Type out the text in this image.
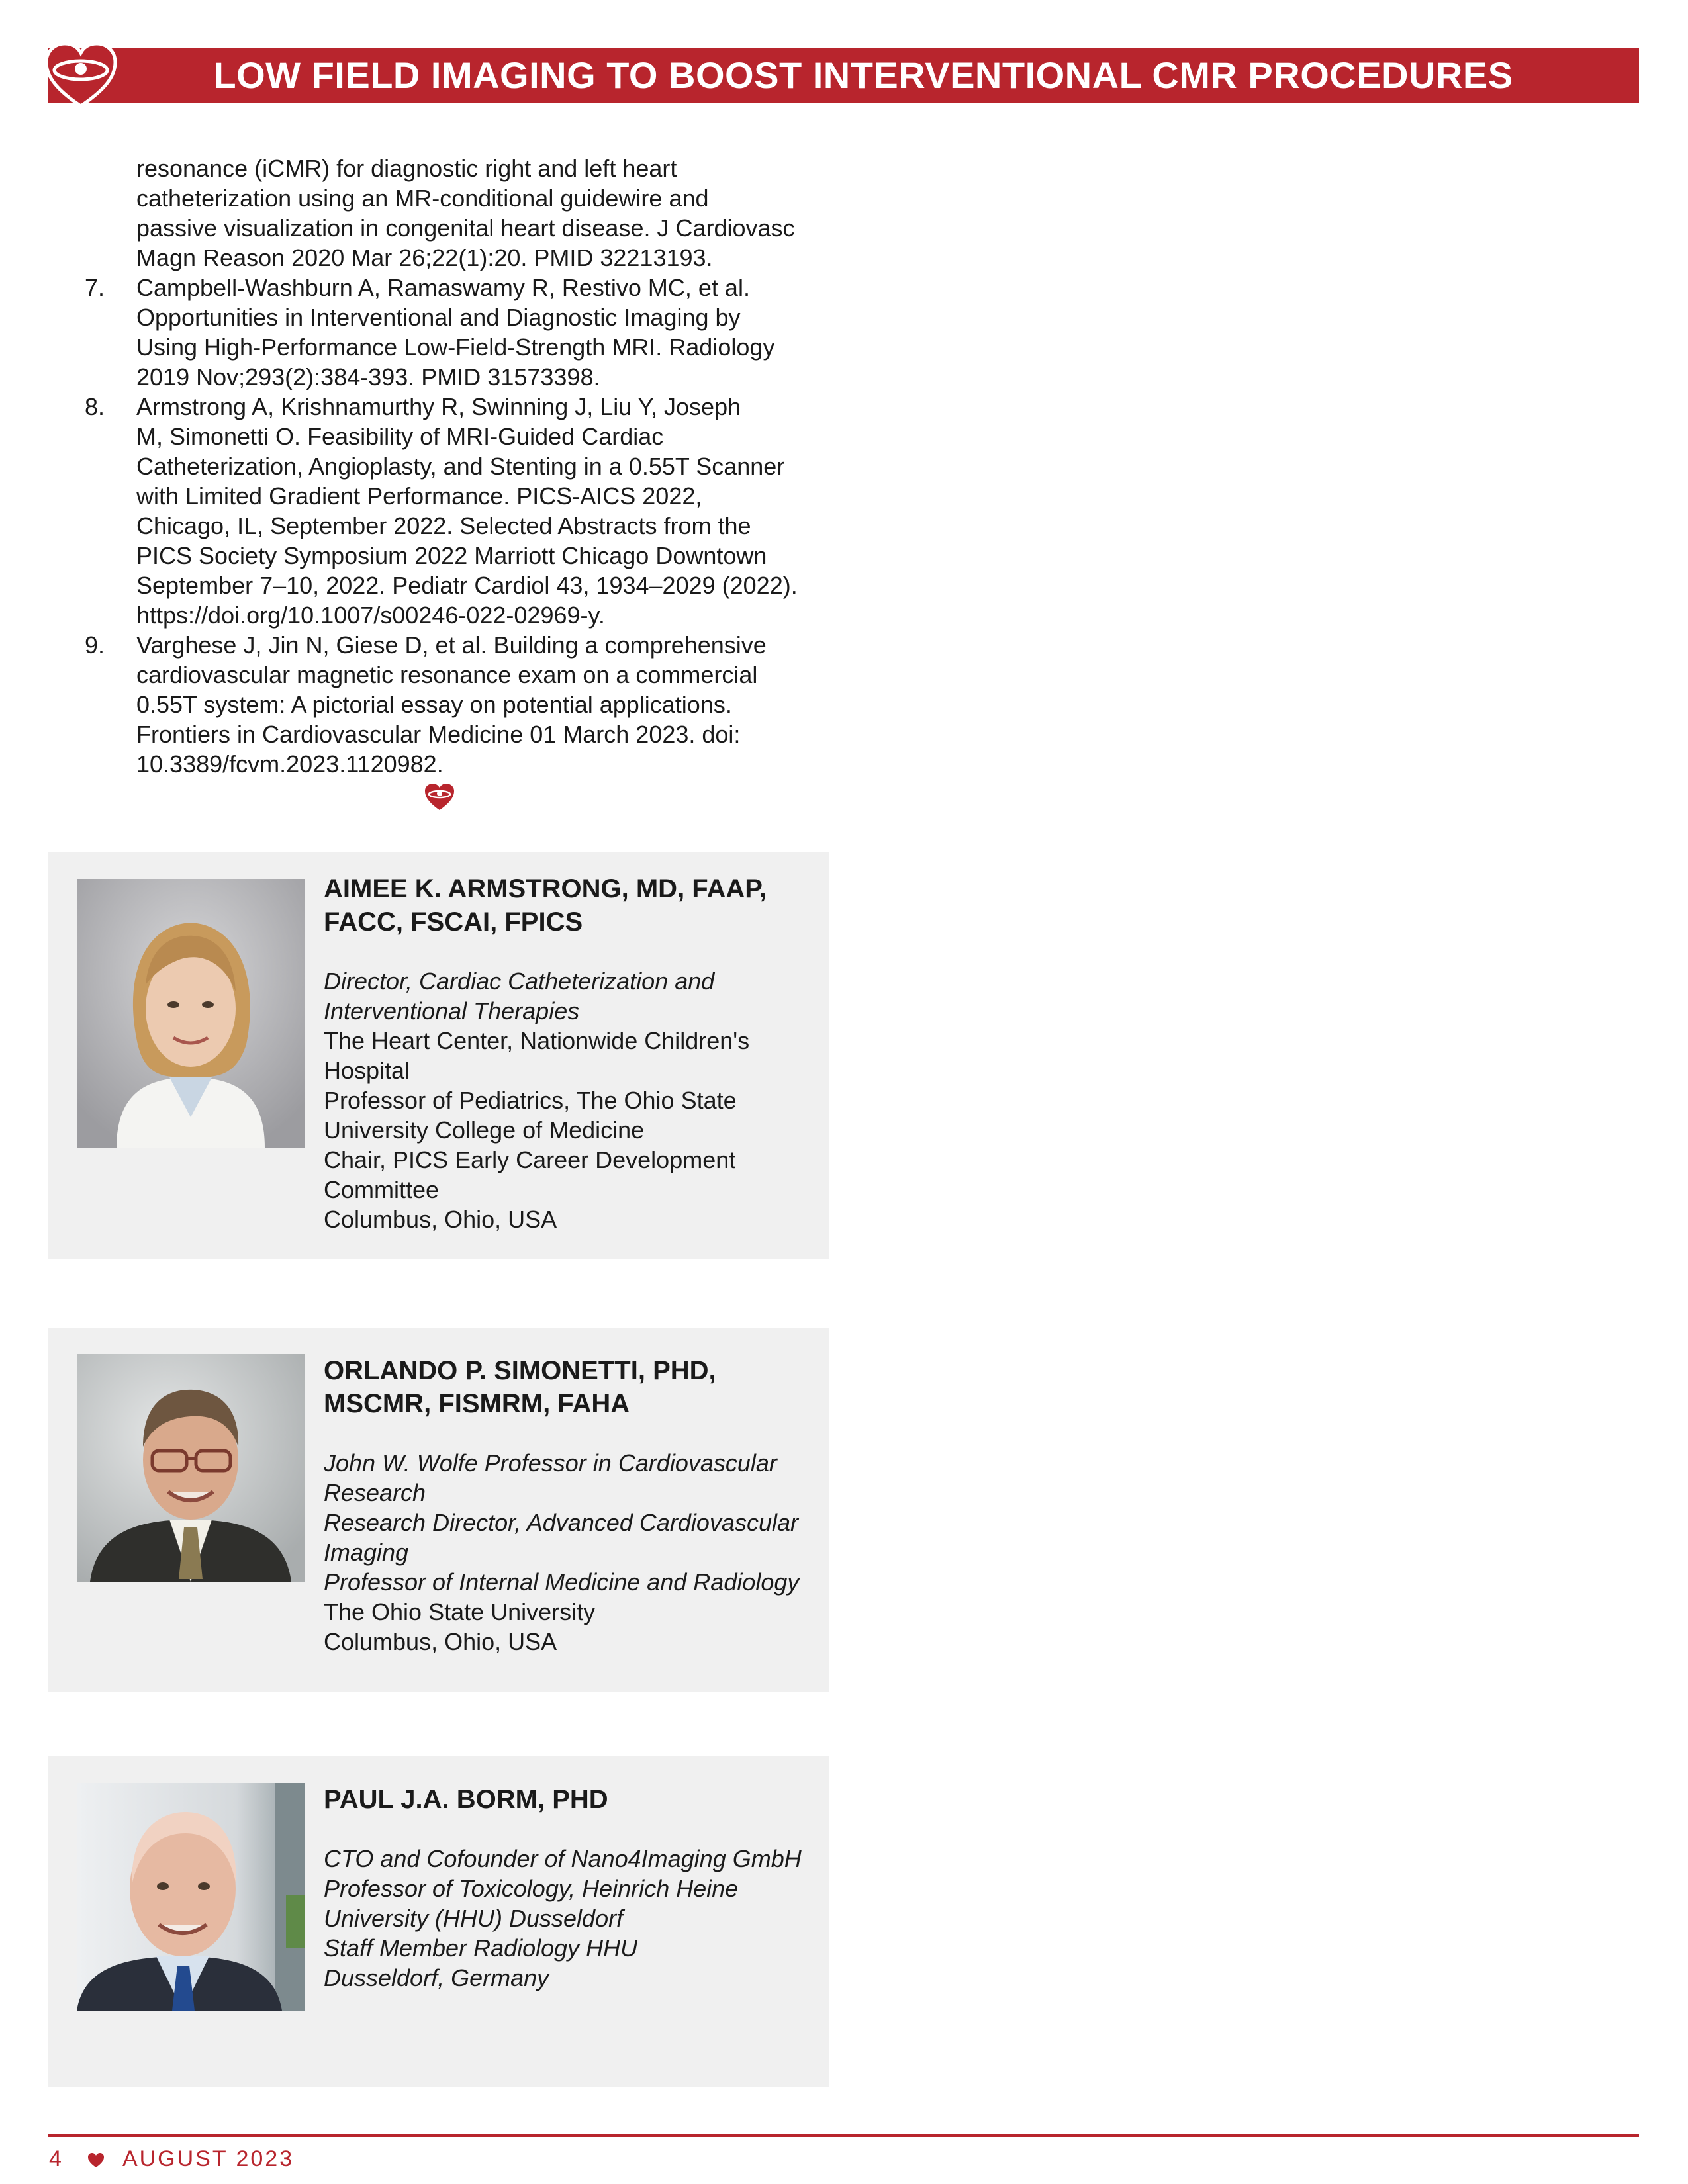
LOW FIELD IMAGING TO BOOST INTERVENTIONAL CMR PROCEDURES
resonance (iCMR) for diagnostic right and left heart
catheterization using an MR-conditional guidewire and
passive visualization in congenital heart disease. J Cardiovasc
Magn Reason 2020 Mar 26;22(1):20. PMID 32213193.
7. Campbell-Washburn A, Ramaswamy R, Restivo MC, et al.
Opportunities in Interventional and Diagnostic Imaging by
Using High-Performance Low-Field-Strength MRI. Radiology
2019 Nov;293(2):384-393. PMID 31573398.
8. Armstrong A, Krishnamurthy R, Swinning J, Liu Y, Joseph
M, Simonetti O. Feasibility of MRI-Guided Cardiac
Catheterization, Angioplasty, and Stenting in a 0.55T Scanner
with Limited Gradient Performance. PICS-AICS 2022,
Chicago, IL, September 2022. Selected Abstracts from the
PICS Society Symposium 2022 Marriott Chicago Downtown
September 7–10, 2022. Pediatr Cardiol 43, 1934–2029 (2022).
https://doi.org/10.1007/s00246-022-02969-y.
9. Varghese J, Jin N, Giese D, et al. Building a comprehensive
cardiovascular magnetic resonance exam on a commercial
0.55T system: A pictorial essay on potential applications.
Frontiers in Cardiovascular Medicine 01 March 2023. doi:
10.3389/fcvm.2023.1120982.
AIMEE K. ARMSTRONG, MD, FAAP,
FACC, FSCAI, FPICS
Director, Cardiac Catheterization and
Interventional Therapies
The Heart Center, Nationwide Children's
Hospital
Professor of Pediatrics, The Ohio State
University College of Medicine
Chair, PICS Early Career Development
Committee
Columbus, Ohio, USA
ORLANDO P. SIMONETTI, PHD,
MSCMR, FISMRM, FAHA
John W. Wolfe Professor in Cardiovascular
Research
Research Director, Advanced Cardiovascular
Imaging
Professor of Internal Medicine and Radiology
The Ohio State University
Columbus, Ohio, USA
PAUL J.A. BORM, PHD
CTO and Cofounder of Nano4Imaging GmbH
Professor of Toxicology, Heinrich Heine
University (HHU) Dusseldorf
Staff Member Radiology HHU
Dusseldorf, Germany
4	AUGUST 2023
